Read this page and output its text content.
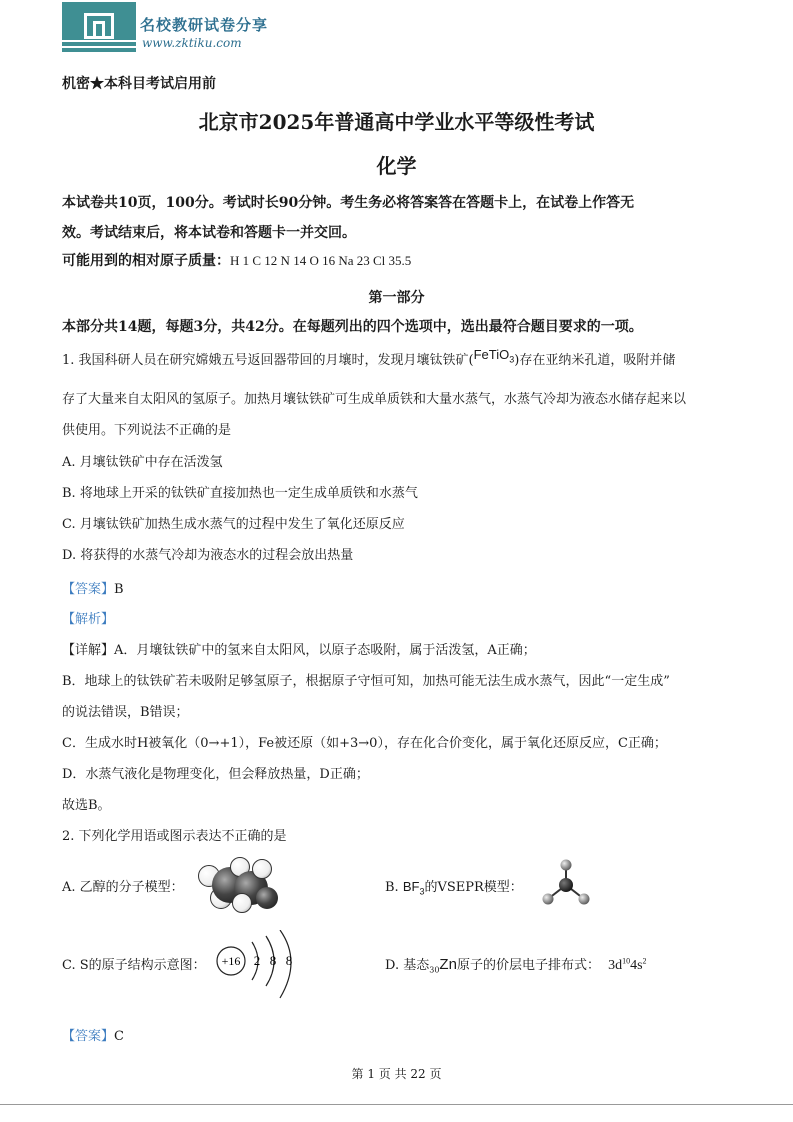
名校教研试卷分享
www.zktiku.com
机密★本科目考试启用前
北京市2025年普通高中学业水平等级性考试
化学
本试卷共10页，100分。考试时长90分钟。考生务必将答案答在答题卡上，在试卷上作答无
效。考试结束后，将本试卷和答题卡一并交回。
可能用到的相对原子质量：H 1 C 12 N 14 O 16 Na 23 Cl 35.5
第一部分
本部分共14题，每题3分，共42分。在每题列出的四个选项中，选出最符合题目要求的一项。
1. 我国科研人员在研究嫦娥五号返回器带回的月壤时，发现月壤钛铁矿(FeTiO$_3$)存在亚纳米孔道，吸附并储
存了大量来自太阳风的氢原子。加热月壤钛铁矿可生成单质铁和大量水蒸气，水蒸气冷却为液态水储存起来以
供使用。下列说法不正确的是
A. 月壤钛铁矿中存在活泼氢
B. 将地球上开采的钛铁矿直接加热也一定生成单质铁和水蒸气
C. 月壤钛铁矿加热生成水蒸气的过程中发生了氧化还原反应
D. 将获得的水蒸气冷却为液态水的过程会放出热量
【答案】B
【解析】
【详解】A．月壤钛铁矿中的氢来自太阳风，以原子态吸附，属于活泼氢，A正确；
B．地球上的钛铁矿若未吸附足够氢原子，根据原子守恒可知，加热可能无法生成水蒸气，因此“一定生成”
的说法错误，B错误；
C．生成水时H被氧化（0→+1），Fe被还原（如+3→0），存在化合价变化，属于氧化还原反应，C正确；
D．水蒸气液化是物理变化，但会释放热量，D正确；
故选B。
2. 下列化学用语或图示表达不正确的是
A. 乙醇的分子模型：	B. $BF_3$的VSEPR模型：
C. S的原子结构示意图： +16 2 8 8	D. 基态$_{30}$Zn原子的价层电子排布式： $3d^{10}4s^2$
【答案】C
第 1 页 共 22 页
